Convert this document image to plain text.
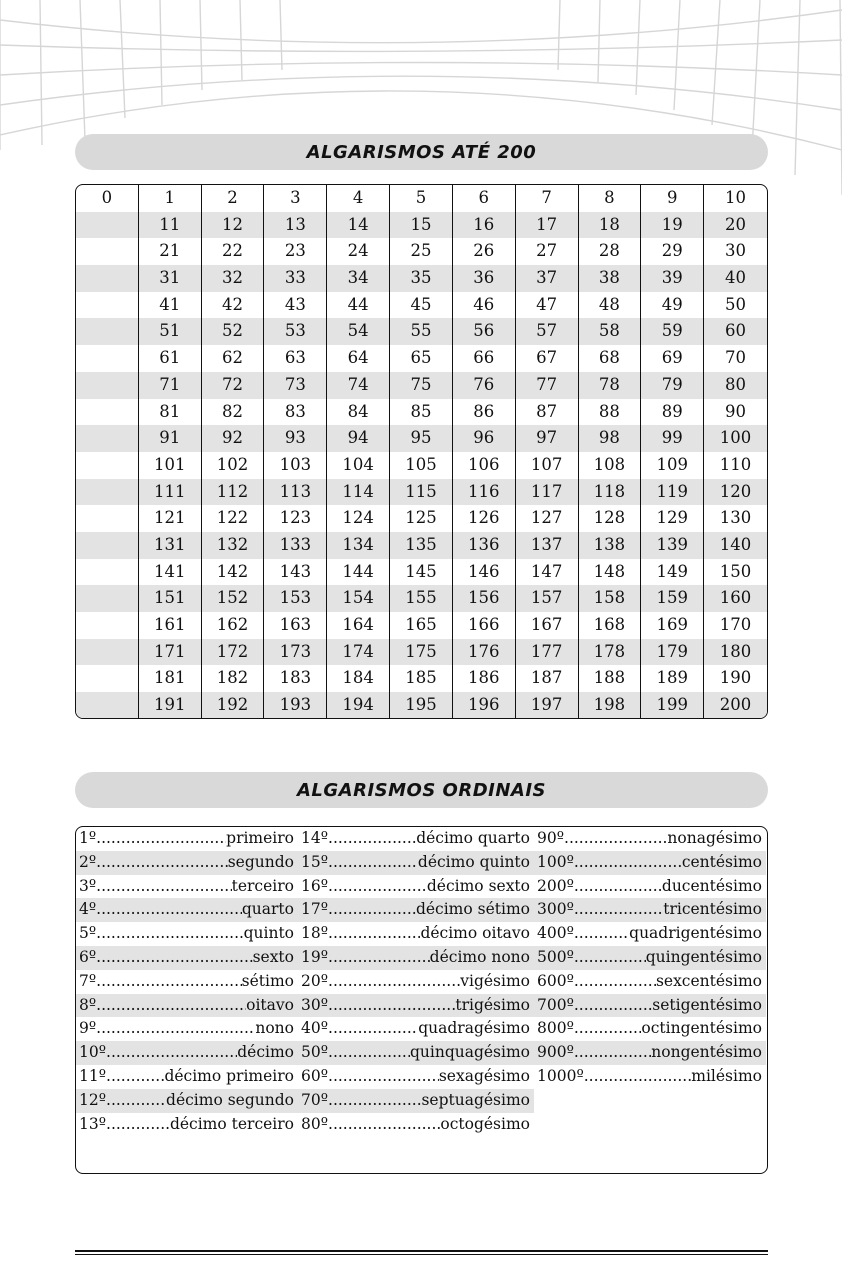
ALGARISMOS ATÉ 200
0	1	2	3	4	5	6	7	8	9	10
11	12	13	14	15	16	17	18	19	20
21	22	23	24	25	26	27	28	29	30
31	32	33	34	35	36	37	38	39	40
41	42	43	44	45	46	47	48	49	50
51	52	53	54	55	56	57	58	59	60
61	62	63	64	65	66	67	68	69	70
71	72	73	74	75	76	77	78	79	80
81	82	83	84	85	86	87	88	89	90
91	92	93	94	95	96	97	98	99	100
101	102	103	104	105	106	107	108	109	110
111	112	113	114	115	116	117	118	119	120
121	122	123	124	125	126	127	128	129	130
131	132	133	134	135	136	137	138	139	140
141	142	143	144	145	146	147	148	149	150
151	152	153	154	155	156	157	158	159	160
161	162	163	164	165	166	167	168	169	170
171	172	173	174	175	176	177	178	179	180
181	182	183	184	185	186	187	188	189	190
191	192	193	194	195	196	197	198	199	200
ALGARISMOS ORDINAIS
1º .....	primeiro 14º .....	décimo quarto 90º .....	nonagésimo
2º .....	segundo 15º .....	décimo quinto 100º .....	centésimo
3º .....	terceiro 16º .....	décimo sexto 200º .....	ducentésimo
4º .....	quarto 17º .....	décimo sétimo 300º .....	tricentésimo
5º .....	quinto 18º .....	décimo oitavo 400º .....	quadrigentésimo
6º .....	sexto 19º .....	décimo nono 500º .....	quingentésimo
7º .....	sétimo 20º .....	vigésimo 600º .....	sexcentésimo
8º .....	oitavo 30º .....	trigésimo 700º .....	setigentésimo
9º .....	nono 40º .....	quadragésimo 800º .....	octingentésimo
10º .....	décimo 50º .....	quinquagésimo 900º .....	nongentésimo
11º .....	décimo primeiro 60º .....	sexagésimo 1000º .....	milésimo
12º .....	décimo segundo 70º .....	septuagésimo
13º .....	décimo terceiro 80º .....	octogésimo
